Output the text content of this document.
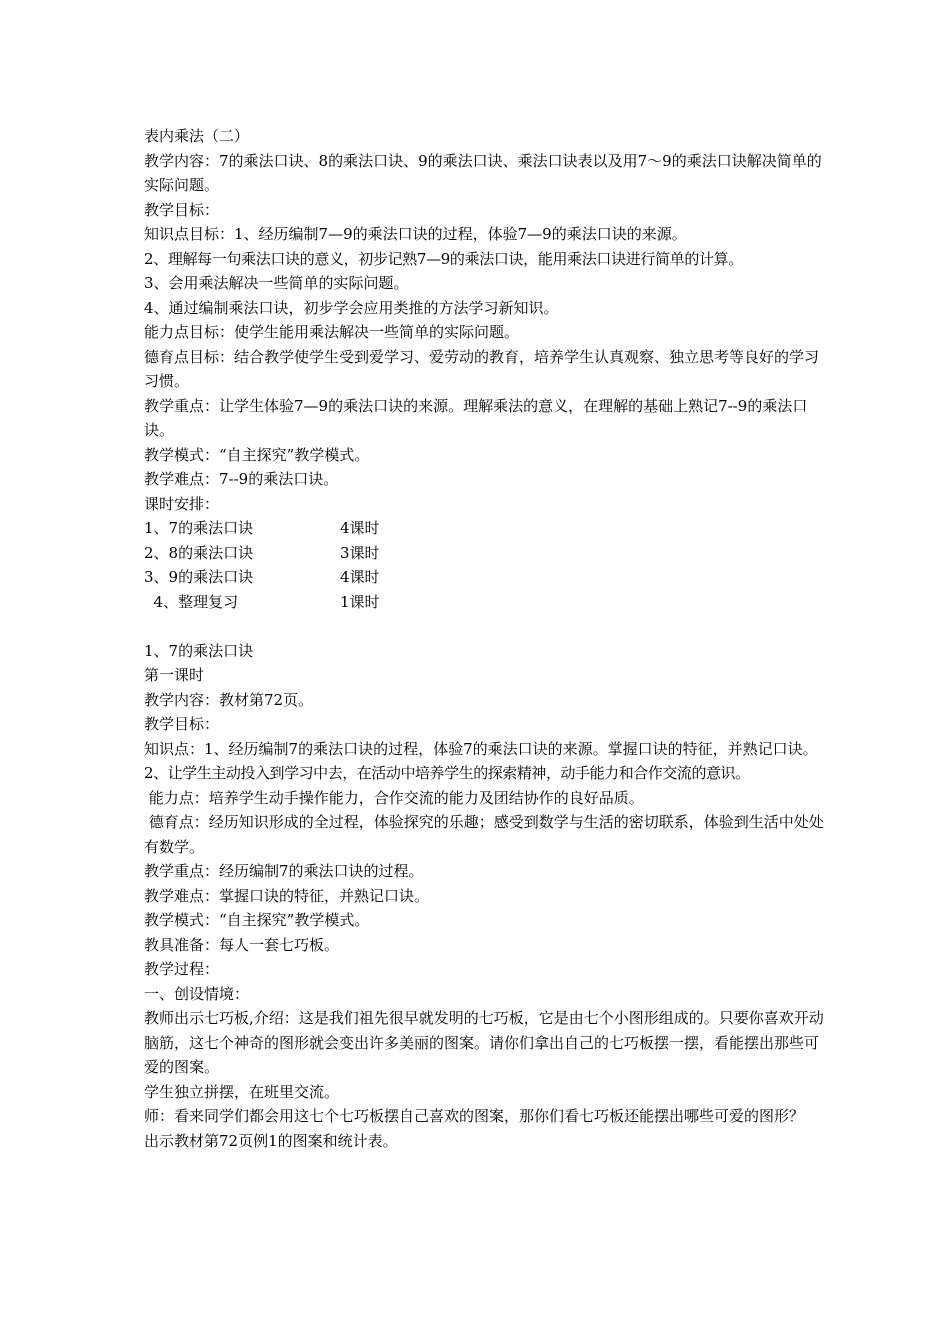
表内乘法（二）

教学内容：7的乘法口诀、8的乘法口诀、9的乘法口诀、乘法口诀表以及用7～9的乘法口诀解决简单的实际问题。

教学目标：

知识点目标：1、经历编制7—9的乘法口诀的过程，体验7—9的乘法口诀的来源。

2、理解每一句乘法口诀的意义，初步记熟7—9的乘法口诀，能用乘法口诀进行简单的计算。

3、会用乘法解决一些简单的实际问题。

4、通过编制乘法口诀，初步学会应用类推的方法学习新知识。

能力点目标：使学生能用乘法解决一些简单的实际问题。

德育点目标：结合教学使学生受到爱学习、爱劳动的教育，培养学生认真观察、独立思考等良好的学习习惯。

教学重点：让学生体验7—9的乘法口诀的来源。理解乘法的意义，在理解的基础上熟记7--9的乘法口诀。

教学模式：“自主探究”教学模式。

教学难点：7--9的乘法口诀。

课时安排：

1、7的乘法口诀	4课时
2、8的乘法口诀	3课时
3、9的乘法口诀	4课时
4、整理复习	1课时

1、7的乘法口诀

第一课时

教学内容：教材第72页。

教学目标：

知识点：1、经历编制7的乘法口诀的过程，体验7的乘法口诀的来源。掌握口诀的特征，并熟记口诀。

2、让学生主动投入到学习中去，在活动中培养学生的探索精神，动手能力和合作交流的意识。

能力点：培养学生动手操作能力，合作交流的能力及团结协作的良好品质。

德育点：经历知识形成的全过程，体验探究的乐趣；感受到数学与生活的密切联系，体验到生活中处处有数学。

教学重点：经历编制7的乘法口诀的过程。

教学难点：掌握口诀的特征，并熟记口诀。

教学模式：“自主探究”教学模式。

教具准备：每人一套七巧板。

教学过程：

一、创设情境：

教师出示七巧板,介绍：这是我们祖先很早就发明的七巧板，它是由七个小图形组成的。只要你喜欢开动脑筋，这七个神奇的图形就会变出许多美丽的图案。请你们拿出自己的七巧板摆一摆，看能摆出那些可爱的图案。

学生独立拼摆，在班里交流。

师：看来同学们都会用这七个七巧板摆自己喜欢的图案，那你们看七巧板还能摆出哪些可爱的图形？

出示教材第72页例1的图案和统计表。
